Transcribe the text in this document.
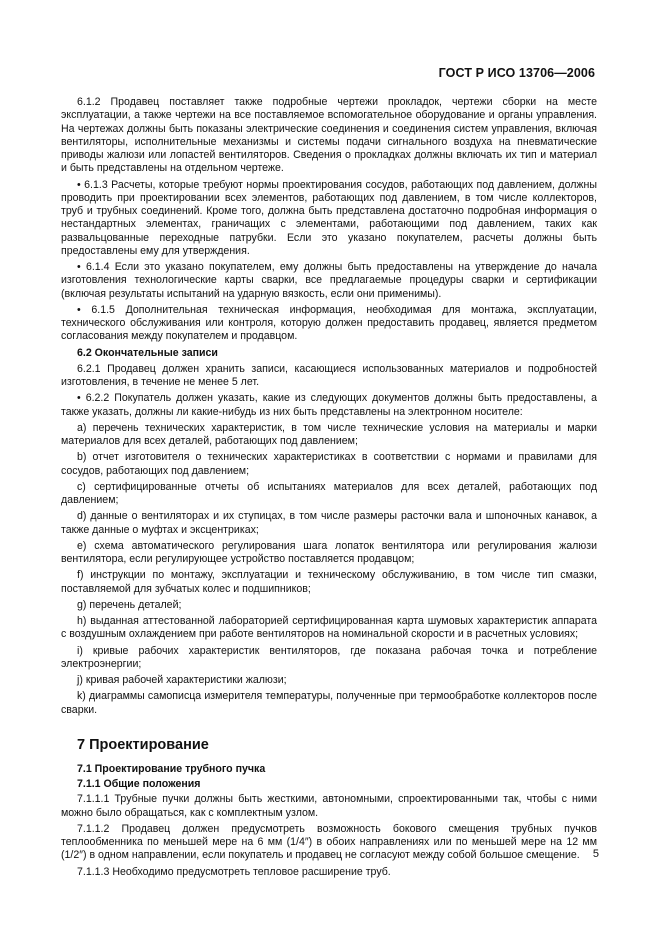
ГОСТ Р ИСО 13706—2006

6.1.2 Продавец поставляет также подробные чертежи прокладок, чертежи сборки на месте эксплуатации, а также чертежи на все поставляемое вспомогательное оборудование и органы управления. На чертежах должны быть показаны электрические соединения и соединения систем управления, включая вентиляторы, исполнительные механизмы и системы подачи сигнального воздуха на пневматические приводы жалюзи или лопастей вентиляторов. Сведения о прокладках должны включать их тип и материал и быть представлены на отдельном чертеже.

• 6.1.3 Расчеты, которые требуют нормы проектирования сосудов, работающих под давлением, должны проводить при проектировании всех элементов, работающих под давлением, в том числе коллекторов, труб и трубных соединений. Кроме того, должна быть представлена достаточно подробная информация о нестандартных элементах, граничащих с элементами, работающими под давлением, таких как развальцованные переходные патрубки. Если это указано покупателем, расчеты должны быть предоставлены ему для утверждения.

• 6.1.4 Если это указано покупателем, ему должны быть предоставлены на утверждение до начала изготовления технологические карты сварки, все предлагаемые процедуры сварки и сертификации (включая результаты испытаний на ударную вязкость, если они применимы).

• 6.1.5 Дополнительная техническая информация, необходимая для монтажа, эксплуатации, технического обслуживания или контроля, которую должен предоставить продавец, является предметом согласования между покупателем и продавцом.

6.2 Окончательные записи

6.2.1 Продавец должен хранить записи, касающиеся использованных материалов и подробностей изготовления, в течение не менее 5 лет.

• 6.2.2 Покупатель должен указать, какие из следующих документов должны быть предоставлены, а также указать, должны ли какие-нибудь из них быть представлены на электронном носителе:

а) перечень технических характеристик, в том числе технические условия на материалы и марки материалов для всех деталей, работающих под давлением;

b) отчет изготовителя о технических характеристиках в соответствии с нормами и правилами для сосудов, работающих под давлением;

c) сертифицированные отчеты об испытаниях материалов для всех деталей, работающих под давлением;

d) данные о вентиляторах и их ступицах, в том числе размеры расточки вала и шпоночных канавок, а также данные о муфтах и эксцентриках;

e) схема автоматического регулирования шага лопаток вентилятора или регулирования жалюзи вентилятора, если регулирующее устройство поставляется продавцом;

f) инструкции по монтажу, эксплуатации и техническому обслуживанию, в том числе тип смазки, поставляемой для зубчатых колес и подшипников;

g) перечень деталей;

h) выданная аттестованной лабораторией сертифицированная карта шумовых характеристик аппарата с воздушным охлаждением при работе вентиляторов на номинальной скорости и в расчетных условиях;

i) кривые рабочих характеристик вентиляторов, где показана рабочая точка и потребление электроэнергии;

j) кривая рабочей характеристики жалюзи;

k) диаграммы самописца измерителя температуры, полученные при термообработке коллекторов после сварки.

7 Проектирование
7.1 Проектирование трубного пучка
7.1.1 Общие положения

7.1.1.1 Трубные пучки должны быть жесткими, автономными, спроектированными так, чтобы с ними можно было обращаться, как с комплектным узлом.

7.1.1.2 Продавец должен предусмотреть возможность бокового смещения трубных пучков теплообменника по меньшей мере на 6 мм (1/4″) в обоих направлениях или по меньшей мере на 12 мм (1/2″) в одном направлении, если покупатель и продавец не согласуют между собой большое смещение.

7.1.1.3 Необходимо предусмотреть тепловое расширение труб.

5
